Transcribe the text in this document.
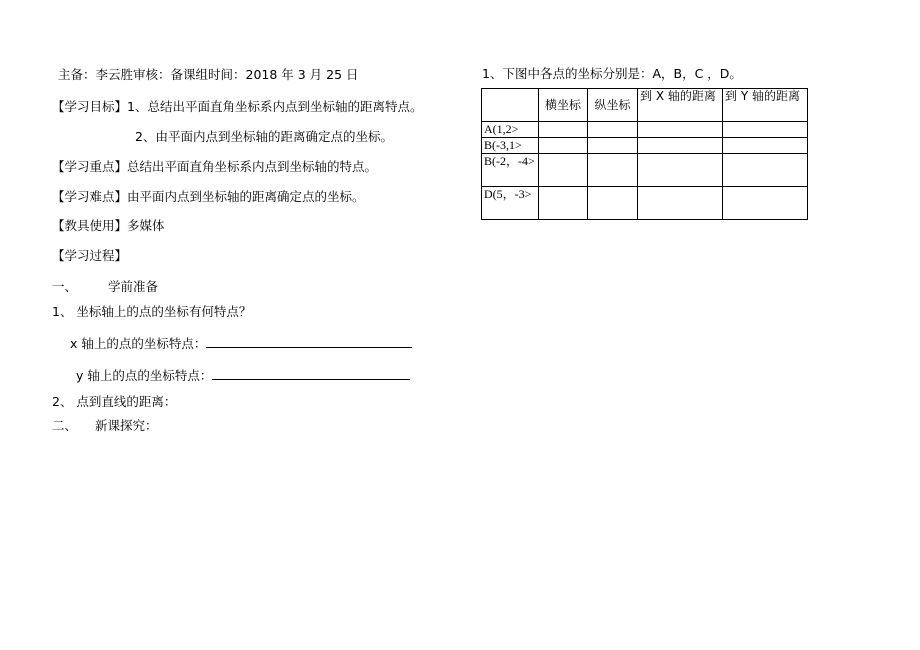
主备：李云胜审核：备课组时间：2018 年 3 月 25 日
【学习目标】1、总结出平面直角坐标系内点到坐标轴的距离特点。
2、由平面内点到坐标轴的距离确定点的坐标。
【学习重点】总结出平面直角坐标系内点到坐标轴的特点。
【学习难点】由平面内点到坐标轴的距离确定点的坐标。
【教具使用】多媒体
【学习过程】
一、 学前准备
1、 坐标轴上的点的坐标有何特点？
x 轴上的点的坐标特点：
y 轴上的点的坐标特点：
2、 点到直线的距离：
二、 新课探究：
1、下图中各点的坐标分别是：A，B，C ，D。
	横坐标	纵坐标	到 X 轴的距离	到 Y 轴的距离
A(1,2>				
B(-3,1>				
B(-2，-4>				
D(5，-3>				
